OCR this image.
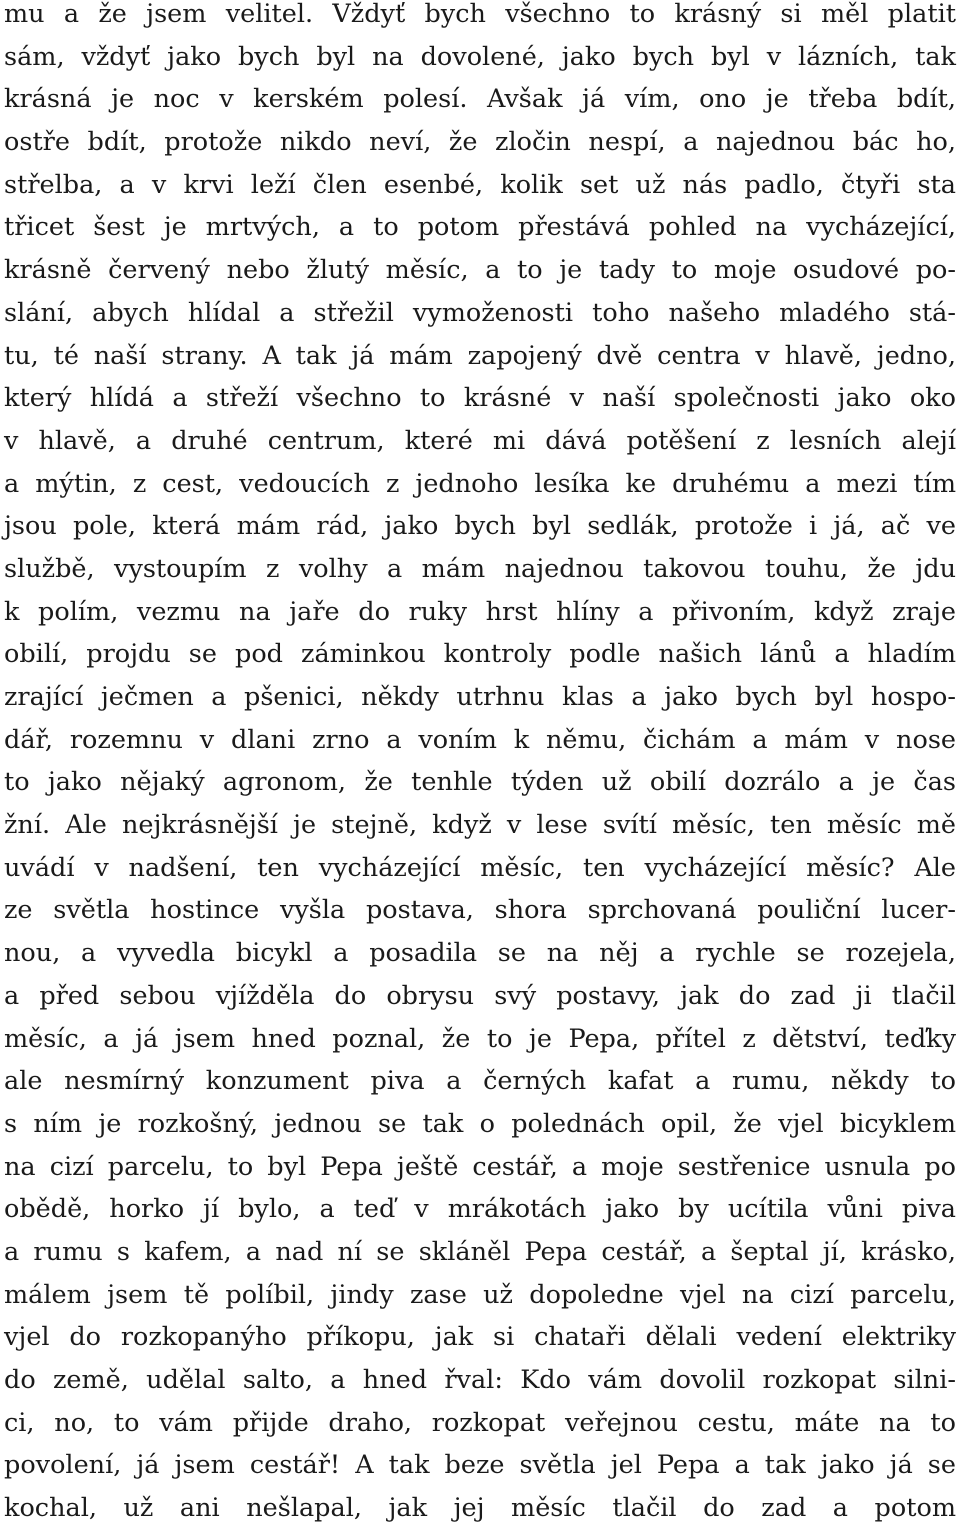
mu a že jsem velitel. Vždyť bych všechno to krásný si měl platit
sám, vždyť jako bych byl na dovolené, jako bych byl v lázních, tak
krásná je noc v kerském polesí. Avšak já vím, ono je třeba bdít,
ostře bdít, protože nikdo neví, že zločin nespí, a najednou bác ho,
střelba, a v krvi leží člen esenbé, kolik set už nás padlo, čtyři sta
třicet šest je mrtvých, a to potom přestává pohled na vycházející,
krásně červený nebo žlutý měsíc, a to je tady to moje osudové po-
slání, abych hlídal a střežil vymoženosti toho našeho mladého stá-
tu, té naší strany. A tak já mám zapojený dvě centra v hlavě, jedno,
který hlídá a střeží všechno to krásné v naší společnosti jako oko
v hlavě, a druhé centrum, které mi dává potěšení z lesních alejí
a mýtin, z cest, vedoucích z jednoho lesíka ke druhému a mezi tím
jsou pole, která mám rád, jako bych byl sedlák, protože i já, ač ve
službě, vystoupím z volhy a mám najednou takovou touhu, že jdu
k polím, vezmu na jaře do ruky hrst hlíny a přivoním, když zraje
obilí, projdu se pod záminkou kontroly podle našich lánů a hladím
zrající ječmen a pšenici, někdy utrhnu klas a jako bych byl hospo-
dář, rozemnu v dlani zrno a voním k němu, čichám a mám v nose
to jako nějaký agronom, že tenhle týden už obilí dozrálo a je čas
žní. Ale nejkrásnější je stejně, když v lese svítí měsíc, ten měsíc mě
uvádí v nadšení, ten vycházející měsíc, ten vycházející měsíc? Ale
ze světla hostince vyšla postava, shora sprchovaná pouliční lucer-
nou, a vyvedla bicykl a posadila se na něj a rychle se rozejela,
a před sebou vjížděla do obrysu svý postavy, jak do zad ji tlačil
měsíc, a já jsem hned poznal, že to je Pepa, přítel z dětství, teďky
ale nesmírný konzument piva a černých kafat a rumu, někdy to
s ním je rozkošný, jednou se tak o polednách opil, že vjel bicyklem
na cizí parcelu, to byl Pepa ještě cestář, a moje sestřenice usnula po
obědě, horko jí bylo, a teď v mrákotách jako by ucítila vůni piva
a rumu s kafem, a nad ní se skláněl Pepa cestář, a šeptal jí, krásko,
málem jsem tě políbil, jindy zase už dopoledne vjel na cizí parcelu,
vjel do rozkopanýho příkopu, jak si chataři dělali vedení elektriky
do země, udělal salto, a hned řval: Kdo vám dovolil rozkopat silni-
ci, no, to vám přijde draho, rozkopat veřejnou cestu, máte na to
povolení, já jsem cestář! A tak beze světla jel Pepa a tak jako já se
kochal, už ani nešlapal, jak jej měsíc tlačil do zad a potom
